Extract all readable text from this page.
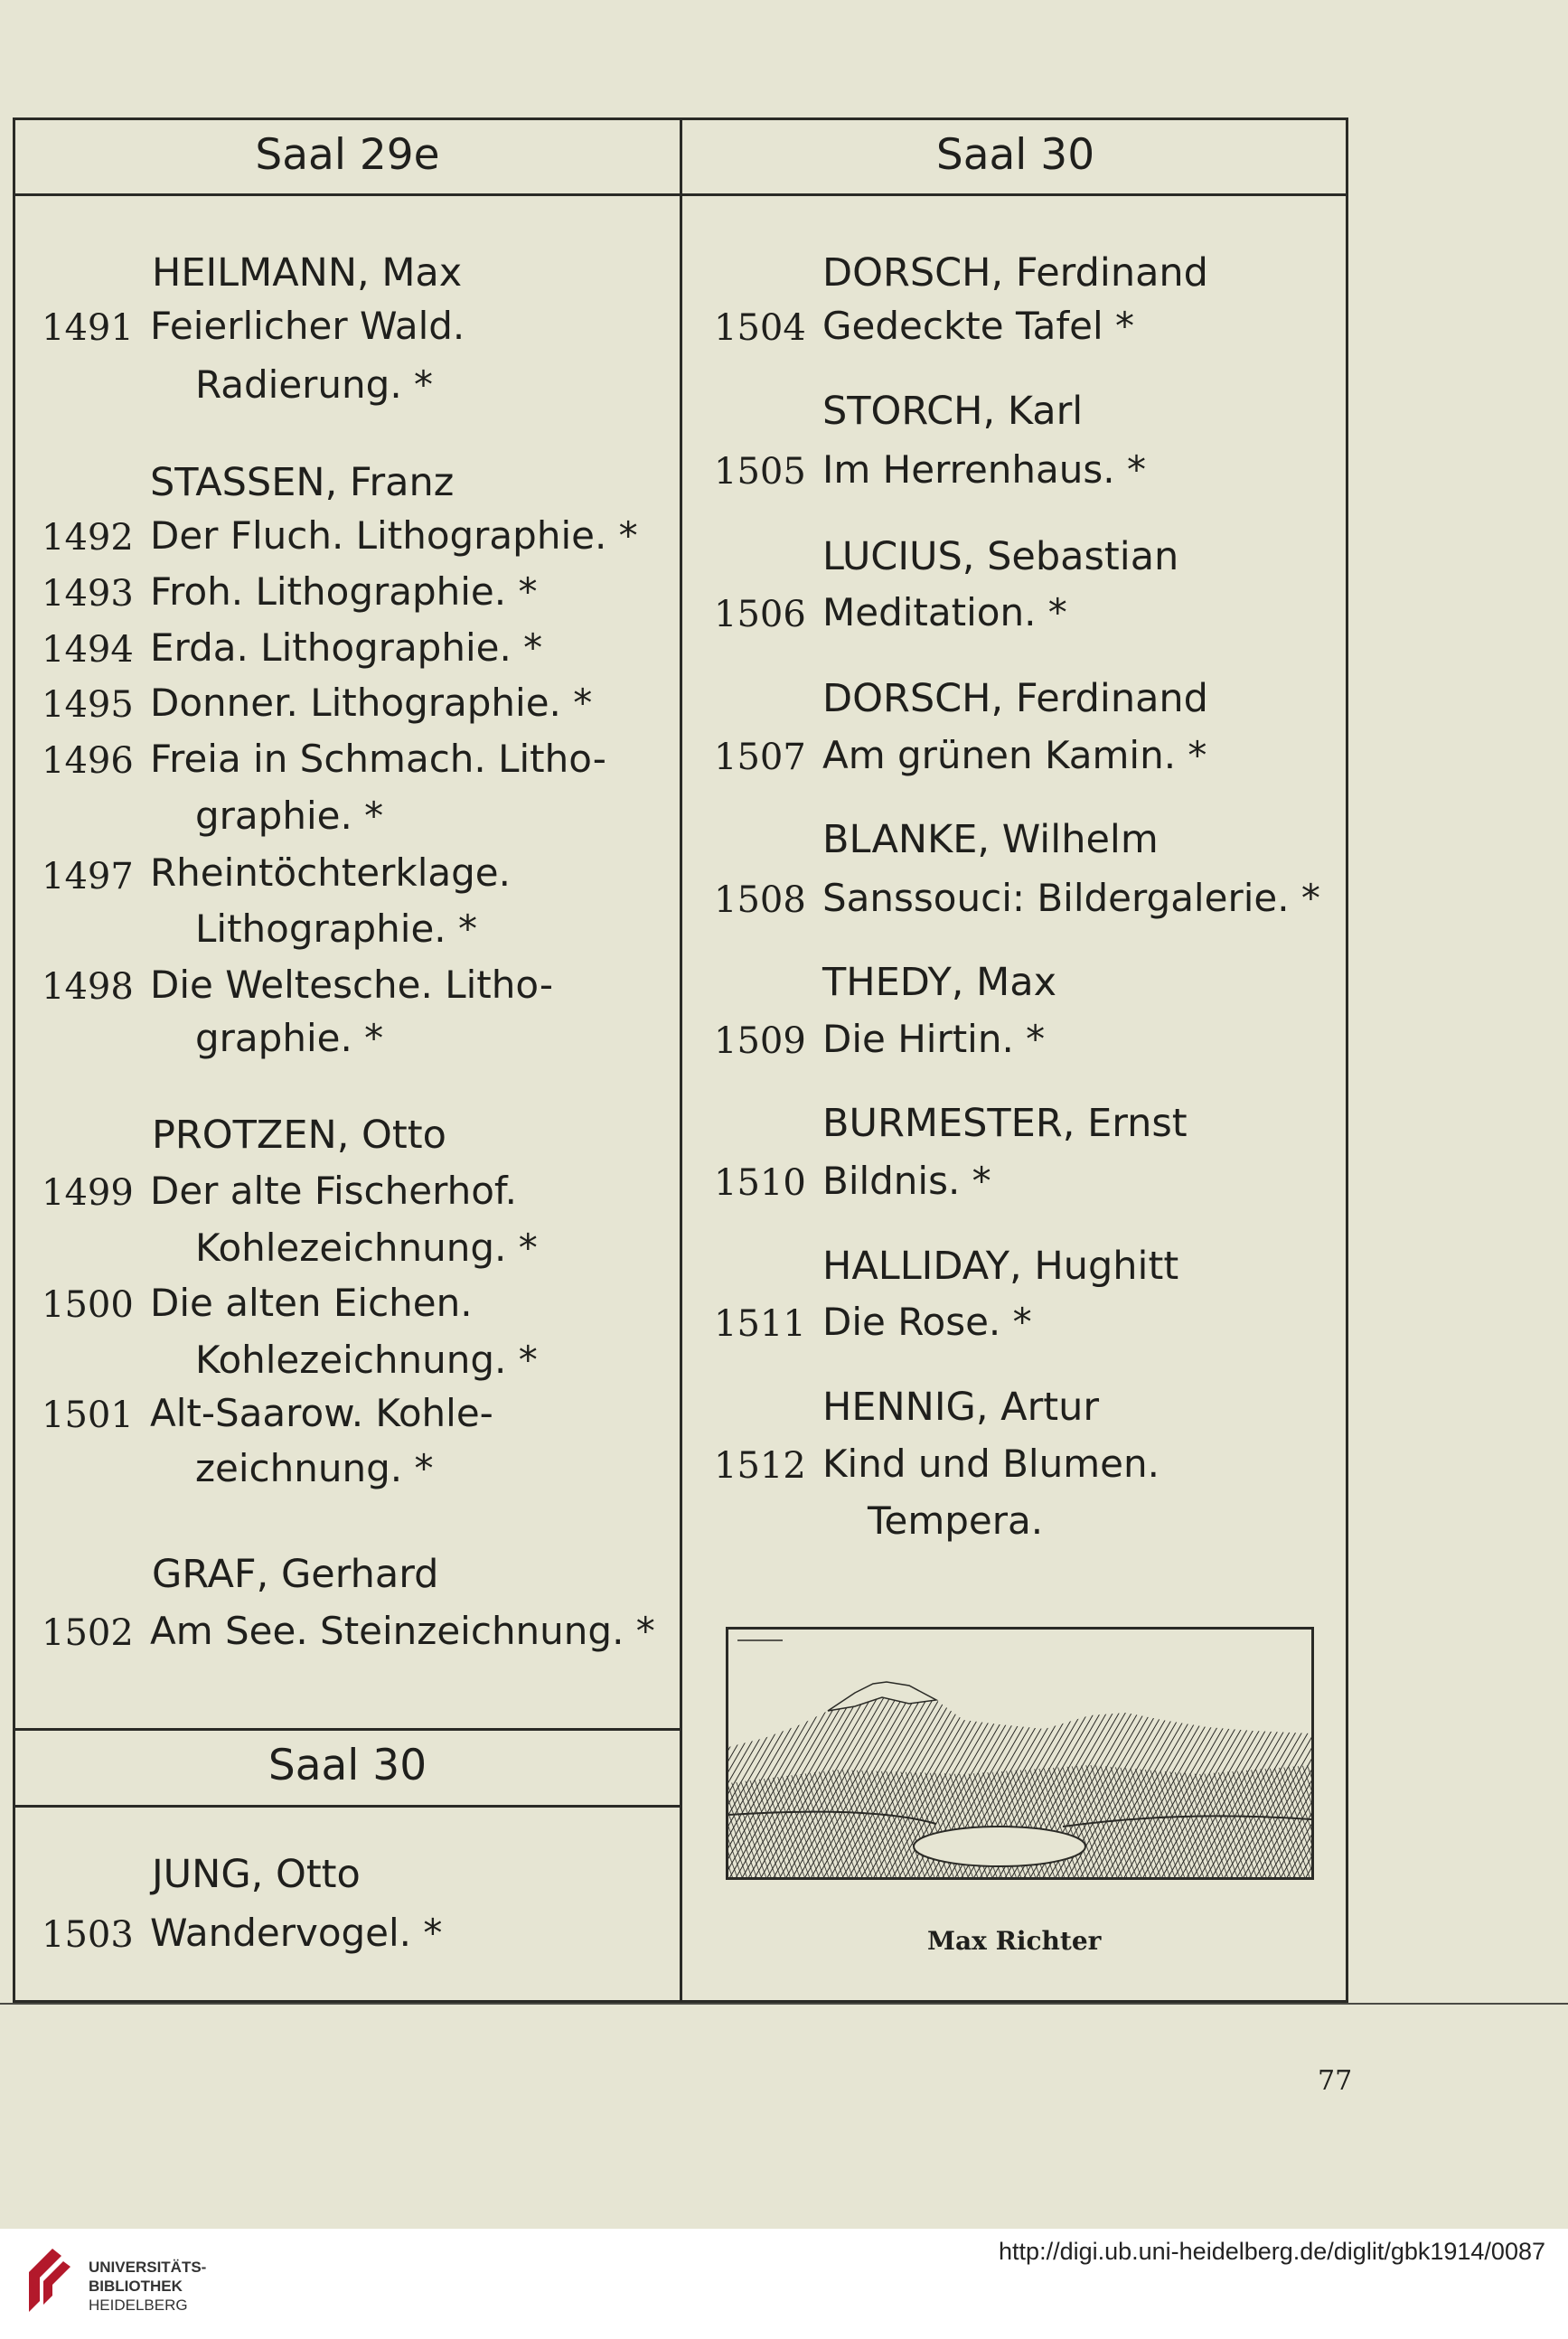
Saal 29e	Saal 30
Saal 30
HEILMANN, Max
1491 Feierlicher Wald.
Radierung. *
STASSEN, Franz
1492 Der Fluch. Lithographie. *
1493 Froh. Lithographie. *
1494 Erda. Lithographie. *
1495 Donner. Lithographie. *
1496 Freia in Schmach. Litho-
graphie. *
1497 Rheintöchterklage.
Lithographie. *
1498 Die Weltesche. Litho-
graphie. *
PROTZEN, Otto
1499 Der alte Fischerhof.
Kohlezeichnung. *
1500 Die alten Eichen.
Kohlezeichnung. *
1501 Alt-Saarow. Kohle-
zeichnung. *
GRAF, Gerhard
1502 Am See. Steinzeichnung. *
JUNG, Otto
1503 Wandervogel. *
DORSCH, Ferdinand
1504 Gedeckte Tafel *
STORCH, Karl
1505 Im Herrenhaus. *
LUCIUS, Sebastian
1506 Meditation. *
DORSCH, Ferdinand
1507 Am grünen Kamin. *
BLANKE, Wilhelm
1508 Sanssouci: Bildergalerie. *
THEDY, Max
1509 Die Hirtin. *
BURMESTER, Ernst
1510 Bildnis. *
HALLIDAY, Hughitt
1511 Die Rose. *
HENNIG, Artur
1512 Kind und Blumen.
Tempera.
Max Richter
77
UNIVERSITÄTS-
BIBLIOTHEK
HEIDELBERG
http://digi.ub.uni-heidelberg.de/diglit/gbk1914/0087
